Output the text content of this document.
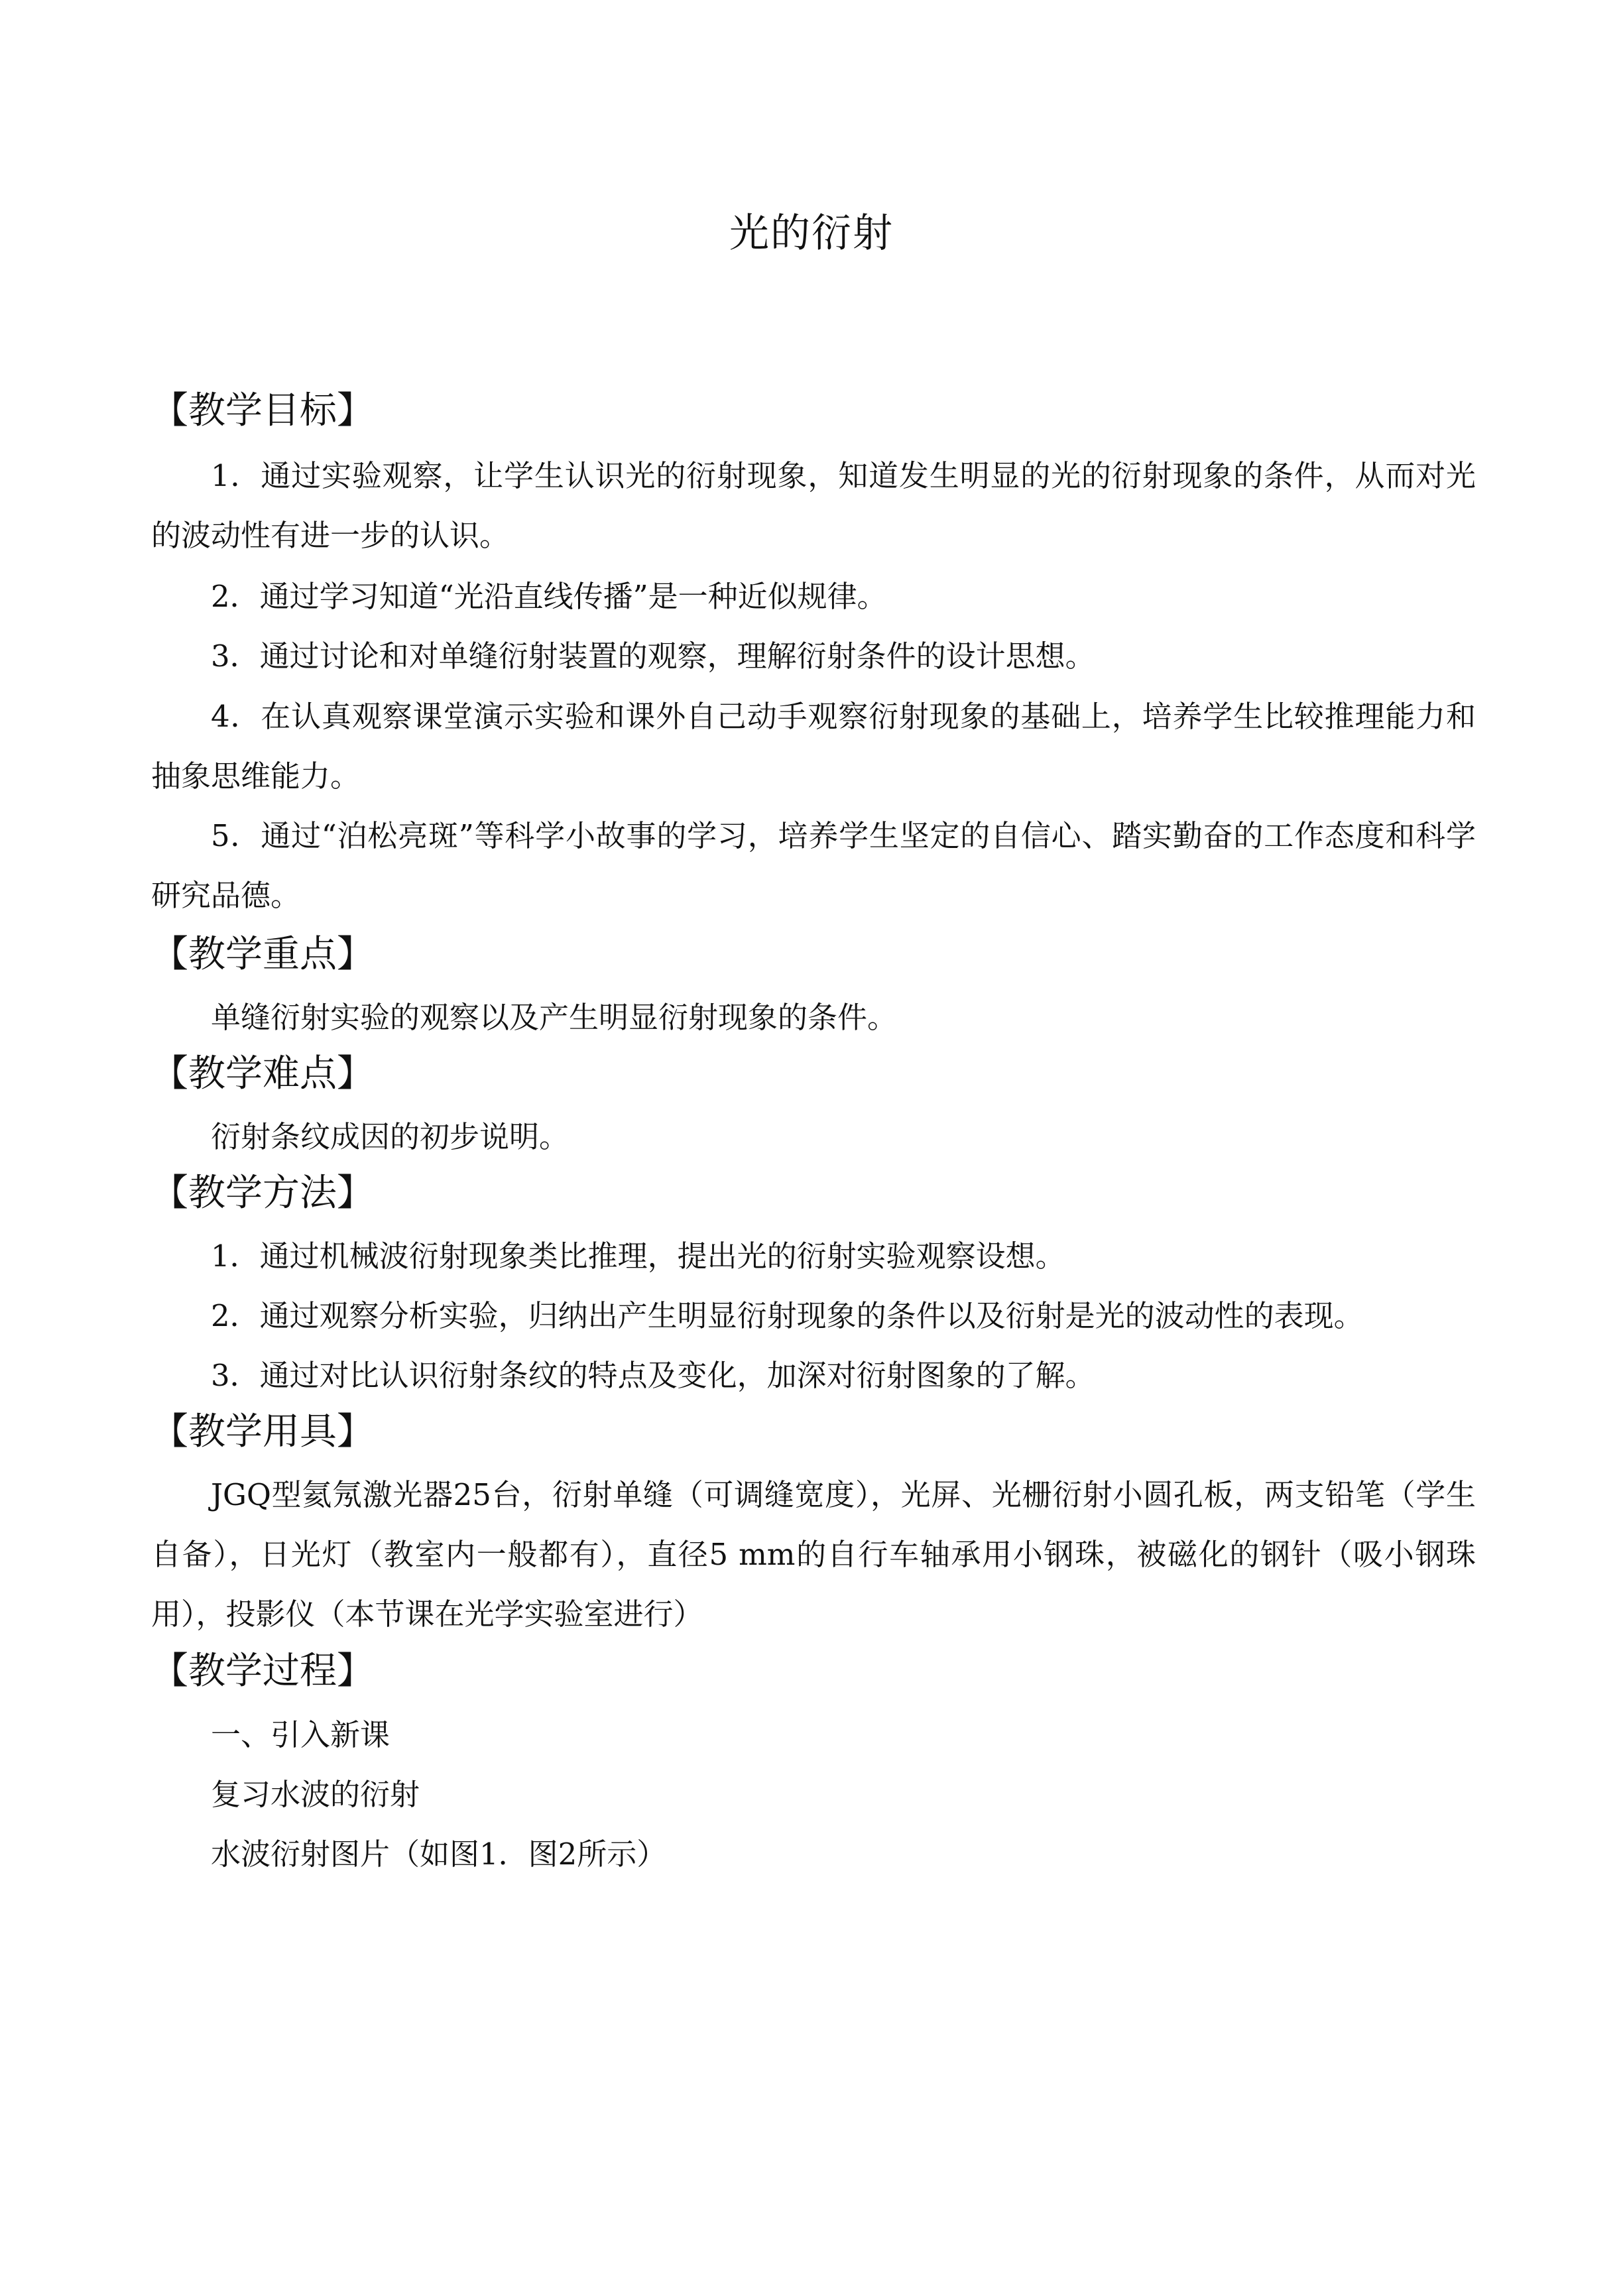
光的衍射
【教学目标】
1．通过实验观察，让学生认识光的衍射现象，知道发生明显的光的衍射现象的条件，从而对光的波动性有进一步的认识。
2．通过学习知道“光沿直线传播”是一种近似规律。
3．通过讨论和对单缝衍射装置的观察，理解衍射条件的设计思想。
4．在认真观察课堂演示实验和课外自己动手观察衍射现象的基础上，培养学生比较推理能力和抽象思维能力。
5．通过“泊松亮斑”等科学小故事的学习，培养学生坚定的自信心、踏实勤奋的工作态度和科学研究品德。
【教学重点】
单缝衍射实验的观察以及产生明显衍射现象的条件。
【教学难点】
衍射条纹成因的初步说明。
【教学方法】
1．通过机械波衍射现象类比推理，提出光的衍射实验观察设想。
2．通过观察分析实验，归纳出产生明显衍射现象的条件以及衍射是光的波动性的表现。
3．通过对比认识衍射条纹的特点及变化，加深对衍射图象的了解。
【教学用具】
JGQ型氦氖激光器25台，衍射单缝（可调缝宽度），光屏、光栅衍射小圆孔板，两支铅笔（学生自备），日光灯（教室内一般都有），直径5 mm的自行车轴承用小钢珠，被磁化的钢针（吸小钢珠用），投影仪（本节课在光学实验室进行）
【教学过程】
一、引入新课
复习水波的衍射
水波衍射图片（如图1．图2所示）
